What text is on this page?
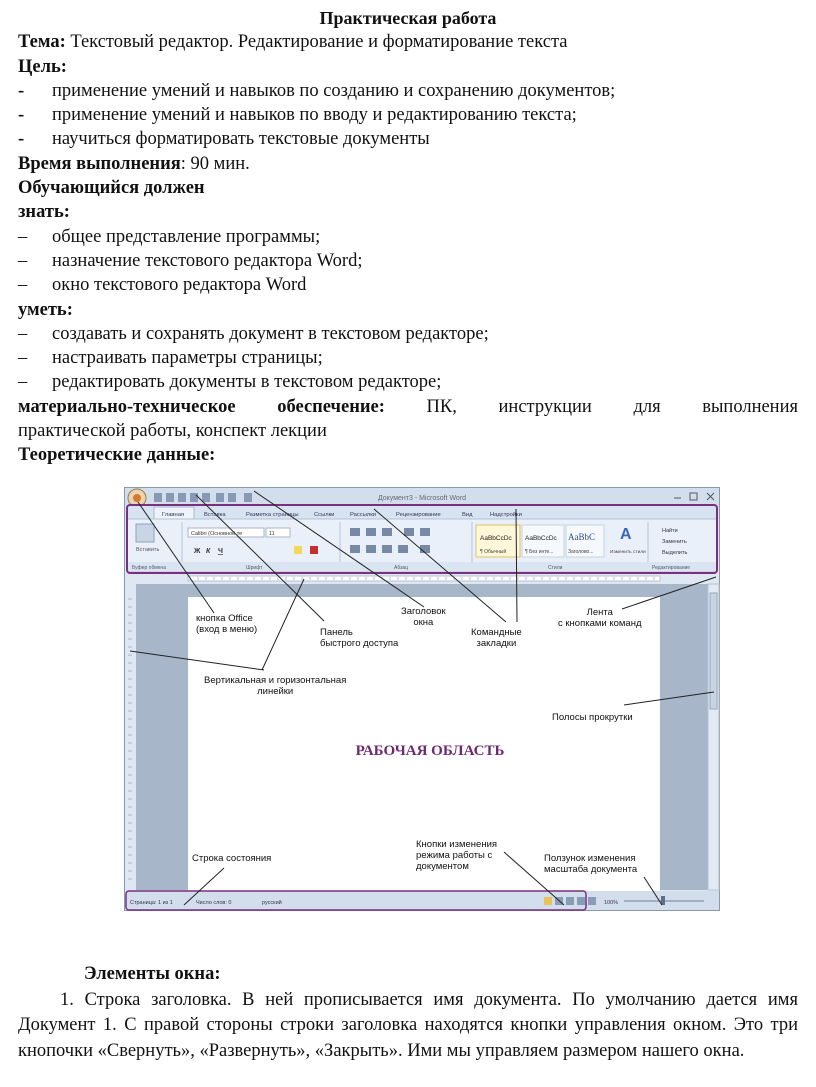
Практическая работа
Тема: Текстовый редактор. Редактирование и форматирование текста
Цель:
-	применение умений и навыков по созданию и сохранению документов;
-	применение умений и навыков по вводу и редактированию текста;
-	научиться форматировать текстовые документы
Время выполнения: 90 мин.
Обучающийся должен
знать:
–	общее представление программы;
–	назначение текстового редактора Word;
–	окно текстового редактора Word
уметь:
–	создавать и сохранять документ в текстовом редакторе;
–	настраивать параметры страницы;
–	редактировать документы в текстовом редакторе;
материально-техническое обеспечение: ПК, инструкции для выполнения
практической работы, конспект лекции
Теоретические данные:
Документ3 - Microsoft Word
Главная	Вставка	Разметка страницы	Ссылки	Рассылки	Рецензирование	Вид	Надстройки
Вставить
Calibri (Основной те	11
Ж К Ч
AaBbCcDc
¶ Обычный
AaBbCcDc
¶ Без инте...
AaBbC
Заголово...
A
Изменить стили
Найти
Заменить
Выделить
Буфер обмена	Шрифт	Абзац	Стили	Редактирование
Страница: 1 из 1	Число слов: 0	русский	100%
РАБОЧАЯ ОБЛАСТЬ
кнопка Office (вход в меню)	Панель быстрого доступа
Заголовок окна
Командные закладки
Лента с кнопками команд
Вертикальная и горизонтальная линейки
Полосы прокрутки
Строка состояния
Кнопки изменения режима работы с документом
Ползунок изменения масштаба документа
Элементы окна:
1. Строка заголовка. В ней прописывается имя документа. По умолчанию дается имя Документ 1. С правой стороны строки заголовка находятся кнопки управления окном. Это три кнопочки «Свернуть», «Развернуть», «Закрыть». Ими мы управляем размером нашего окна.
